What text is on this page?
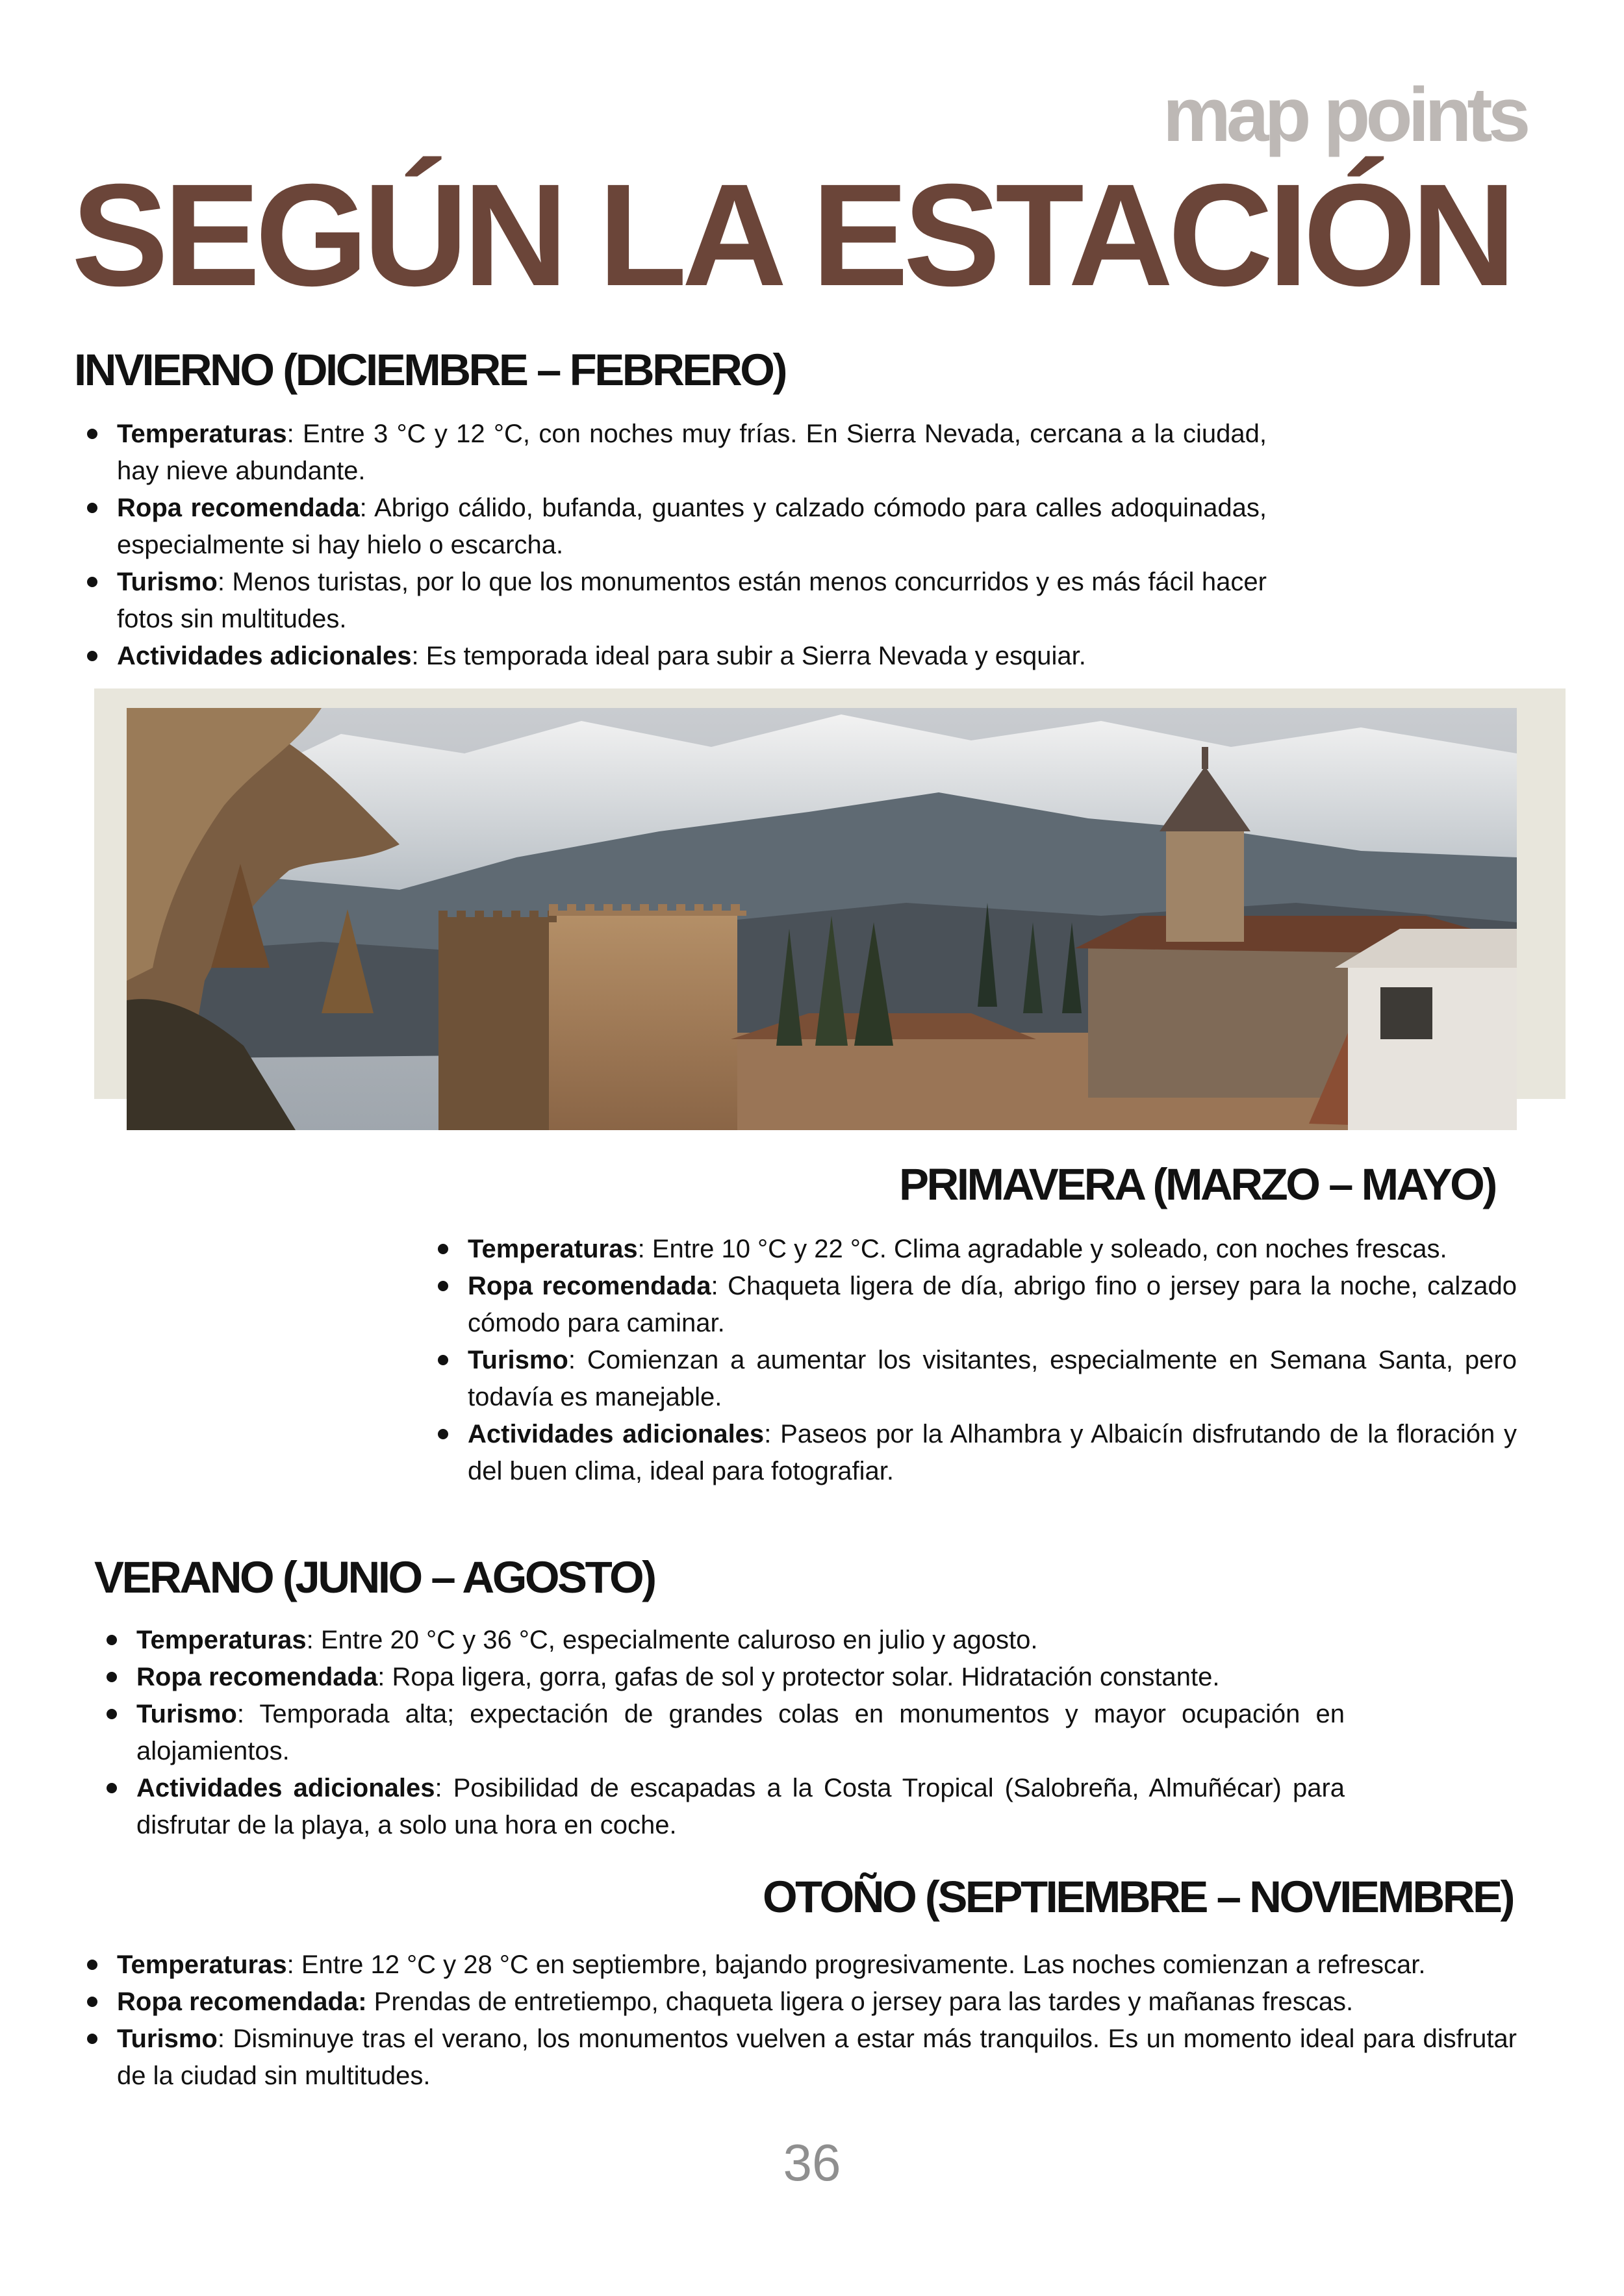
map points
SEGÚN LA ESTACIÓN
INVIERNO (DICIEMBRE – FEBRERO)
Temperaturas: Entre 3 °C y 12 °C, con noches muy frías. En Sierra Nevada, cercana a la ciudad, hay nieve abundante.
Ropa recomendada: Abrigo cálido, bufanda, guantes y calzado cómodo para calles adoquinadas, especialmente si hay hielo o escarcha.
Turismo: Menos turistas, por lo que los monumentos están menos concurridos y es más fácil hacer fotos sin multitudes.
Actividades adicionales: Es temporada ideal para subir a Sierra Nevada y esquiar.
PRIMAVERA (MARZO – MAYO)
Temperaturas: Entre 10 °C y 22 °C. Clima agradable y soleado, con noches frescas.
Ropa recomendada: Chaqueta ligera de día, abrigo fino o jersey para la noche, calzado cómodo para caminar.
Turismo: Comienzan a aumentar los visitantes, especialmente en Semana Santa, pero todavía es manejable.
Actividades adicionales: Paseos por la Alhambra y Albaicín disfrutando de la floración y del buen clima, ideal para fotografiar.
VERANO (JUNIO – AGOSTO)
Temperaturas: Entre 20 °C y 36 °C, especialmente caluroso en julio y agosto.
Ropa recomendada: Ropa ligera, gorra, gafas de sol y protector solar. Hidratación constante.
Turismo: Temporada alta; expectación de grandes colas en monumentos y mayor ocupación en alojamientos.
Actividades adicionales: Posibilidad de escapadas a la Costa Tropical (Salobreña, Almuñécar) para disfrutar de la playa, a solo una hora en coche.
OTOÑO (SEPTIEMBRE – NOVIEMBRE)
Temperaturas: Entre 12 °C y 28 °C en septiembre, bajando progresivamente. Las noches comienzan a refrescar.
Ropa recomendada: Prendas de entretiempo, chaqueta ligera o jersey para las tardes y mañanas frescas.
Turismo: Disminuye tras el verano, los monumentos vuelven a estar más tranquilos. Es un momento ideal para disfrutar de la ciudad sin multitudes.
36
